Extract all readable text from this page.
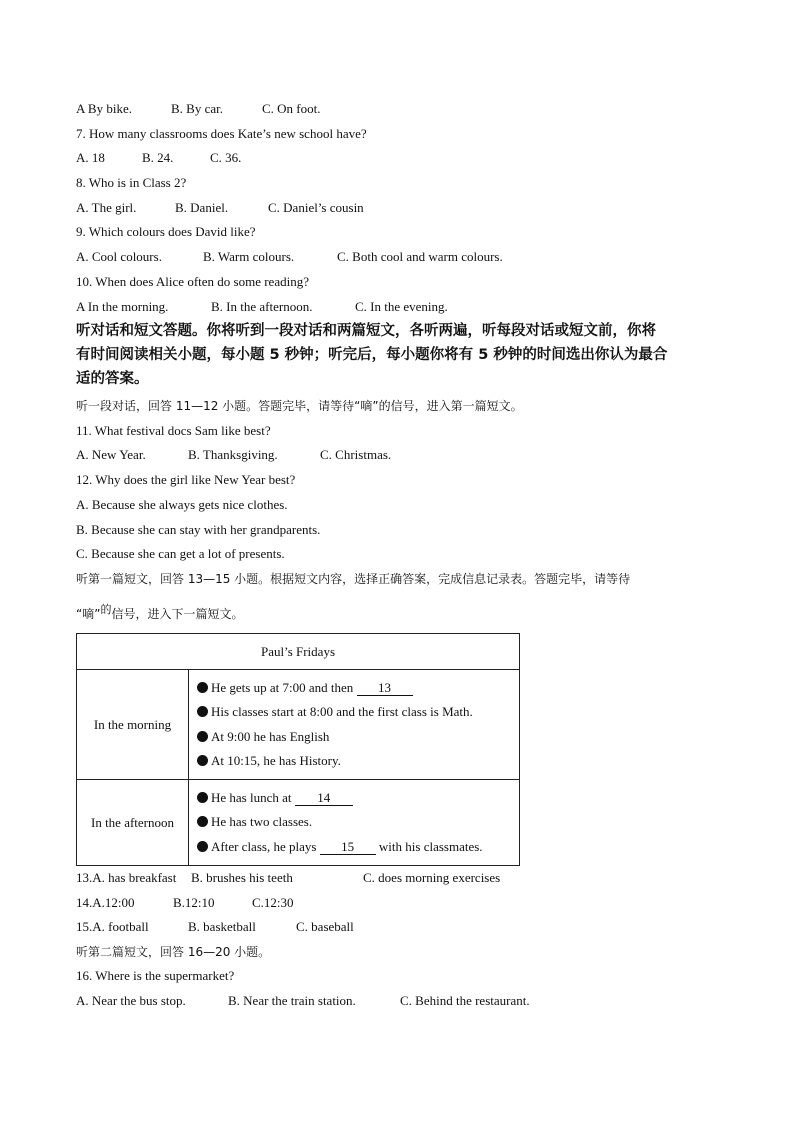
A By bike.	B. By car.	C. On foot.
7. How many classrooms does Kate’s new school have?
A. 18	B. 24.	C. 36.
8. Who is in Class 2?
A. The girl.	B. Daniel.	C. Daniel’s cousin
9. Which colours does David like?
A. Cool colours.	B. Warm colours.	C. Both cool and warm colours.
10. When does Alice often do some reading?
A In the morning.	B. In the afternoon.	C. In the evening.
听对话和短文答题。你将听到一段对话和两篇短文，各听两遍，听每段对话或短文前，你将
有时间阅读相关小题，每小题 5 秒钟；听完后，每小题你将有 5 秒钟的时间选出你认为最合
适的答案。
听一段对话，回答 11—12 小题。答题完毕，请等待“嘀”的信号，进入第一篇短文。
11. What festival docs Sam like best?
A. New Year.	B. Thanksgiving.	C. Christmas.
12. Why does the girl like New Year best?
A. Because she always gets nice clothes.
B. Because she can stay with her grandparents.
C. Because she can get a lot of presents.
听第一篇短文，回答 13—15 小题。根据短文内容，选择正确答案，完成信息记录表。答题完毕，请等待
“嘀”的信号，进入下一篇短文。
Paul’s Fridays	
In the morning	He gets up at 7:00 and then 13
His classes start at 8:00 and the first class is Math.
At 9:00 he has English
At 10:15, he has History.

In the afternoon	He has lunch at 14
He has two classes.
After class, he plays 15 with his classmates.
13.A. has breakfast B. brushes his teeth	C. does morning exercises
14.A.12:00	B.12:10	C.12:30
15.A. football	B. basketball	C. baseball
听第二篇短文，回答 16—20 小题。
16. Where is the supermarket?
A. Near the bus stop.	B. Near the train station.	C. Behind the restaurant.
